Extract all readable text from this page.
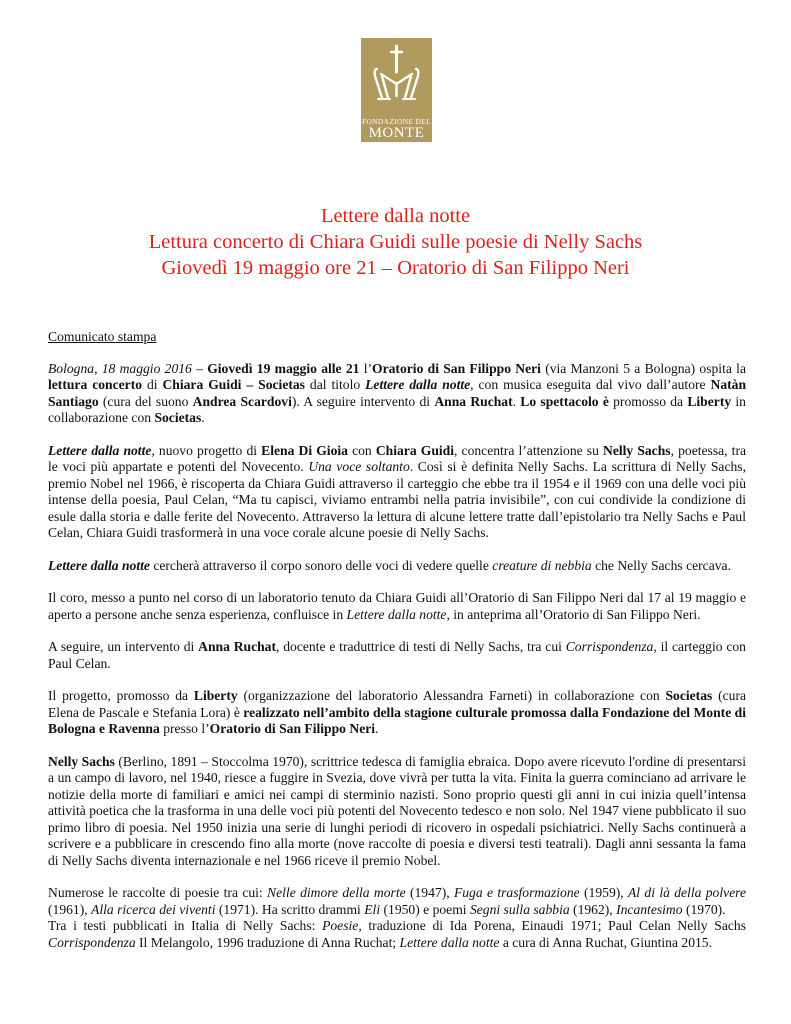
FONDAZIONE DEL
MONTE
1473
Lettere dalla notte
Lettura concerto di Chiara Guidi sulle poesie di Nelly Sachs
Giovedì 19 maggio ore 21 – Oratorio di San Filippo Neri

Comunicato stampa

Bologna, 18 maggio 2016 – Giovedì 19 maggio alle 21 l’Oratorio di San Filippo Neri (via Manzoni 5 a Bologna) ospita la lettura concerto di Chiara Guidi – Societas dal titolo Lettere dalla notte, con musica eseguita dal vivo dall’autore Natàn Santiago (cura del suono Andrea Scardovi). A seguire intervento di Anna Ruchat. Lo spettacolo è promosso da Liberty in collaborazione con Societas.

Lettere dalla notte, nuovo progetto di Elena Di Gioia con Chiara Guidi, concentra l’attenzione su Nelly Sachs, poetessa, tra le voci più appartate e potenti del Novecento. Una voce soltanto. Così si è definita Nelly Sachs. La scrittura di Nelly Sachs, premio Nobel nel 1966, è riscoperta da Chiara Guidi attraverso il carteggio che ebbe tra il 1954 e il 1969 con una delle voci più intense della poesia, Paul Celan, “Ma tu capisci, viviamo entrambi nella patria invisibile”, con cui condivide la condizione di esule dalla storia e dalle ferite del Novecento. Attraverso la lettura di alcune lettere tratte dall’epistolario tra Nelly Sachs e Paul Celan, Chiara Guidi trasformerà in una voce corale alcune poesie di Nelly Sachs.

Lettere dalla notte cercherà attraverso il corpo sonoro delle voci di vedere quelle creature di nebbia che Nelly Sachs cercava.

Il coro, messo a punto nel corso di un laboratorio tenuto da Chiara Guidi all’Oratorio di San Filippo Neri dal 17 al 19 maggio e aperto a persone anche senza esperienza, confluisce in Lettere dalla notte, in anteprima all’Oratorio di San Filippo Neri.

A seguire, un intervento di Anna Ruchat, docente e traduttrice di testi di Nelly Sachs, tra cui Corrispondenza, il carteggio con Paul Celan.

Il progetto, promosso da Liberty (organizzazione del laboratorio Alessandra Farneti) in collaborazione con Societas (cura Elena de Pascale e Stefania Lora) è realizzato nell’ambito della stagione culturale promossa dalla Fondazione del Monte di Bologna e Ravenna presso l’Oratorio di San Filippo Neri.

Nelly Sachs (Berlino, 1891 – Stoccolma 1970), scrittrice tedesca di famiglia ebraica. Dopo avere ricevuto l'ordine di presentarsi a un campo di lavoro, nel 1940, riesce a fuggire in Svezia, dove vivrà per tutta la vita. Finita la guerra cominciano ad arrivare le notizie della morte di familiari e amici nei campi di sterminio nazisti. Sono proprio questi gli anni in cui inizia quell’intensa attività poetica che la trasforma in una delle voci più potenti del Novecento tedesco e non solo. Nel 1947 viene pubblicato il suo primo libro di poesia. Nel 1950 inizia una serie di lunghi periodi di ricovero in ospedali psichiatrici. Nelly Sachs continuerà a scrivere e a pubblicare in crescendo fino alla morte (nove raccolte di poesia e diversi testi teatrali). Dagli anni sessanta la fama di Nelly Sachs diventa internazionale e nel 1966 riceve il premio Nobel.

Numerose le raccolte di poesie tra cui: Nelle dimore della morte (1947), Fuga e trasformazione (1959), Al di là della polvere (1961), Alla ricerca dei viventi (1971). Ha scritto drammi Eli (1950) e poemi Segni sulla sabbia (1962), Incantesimo (1970).

Tra i testi pubblicati in Italia di Nelly Sachs: Poesie, traduzione di Ida Porena, Einaudi 1971; Paul Celan Nelly Sachs Corrispondenza Il Melangolo, 1996 traduzione di Anna Ruchat; Lettere dalla notte a cura di Anna Ruchat, Giuntina 2015.
